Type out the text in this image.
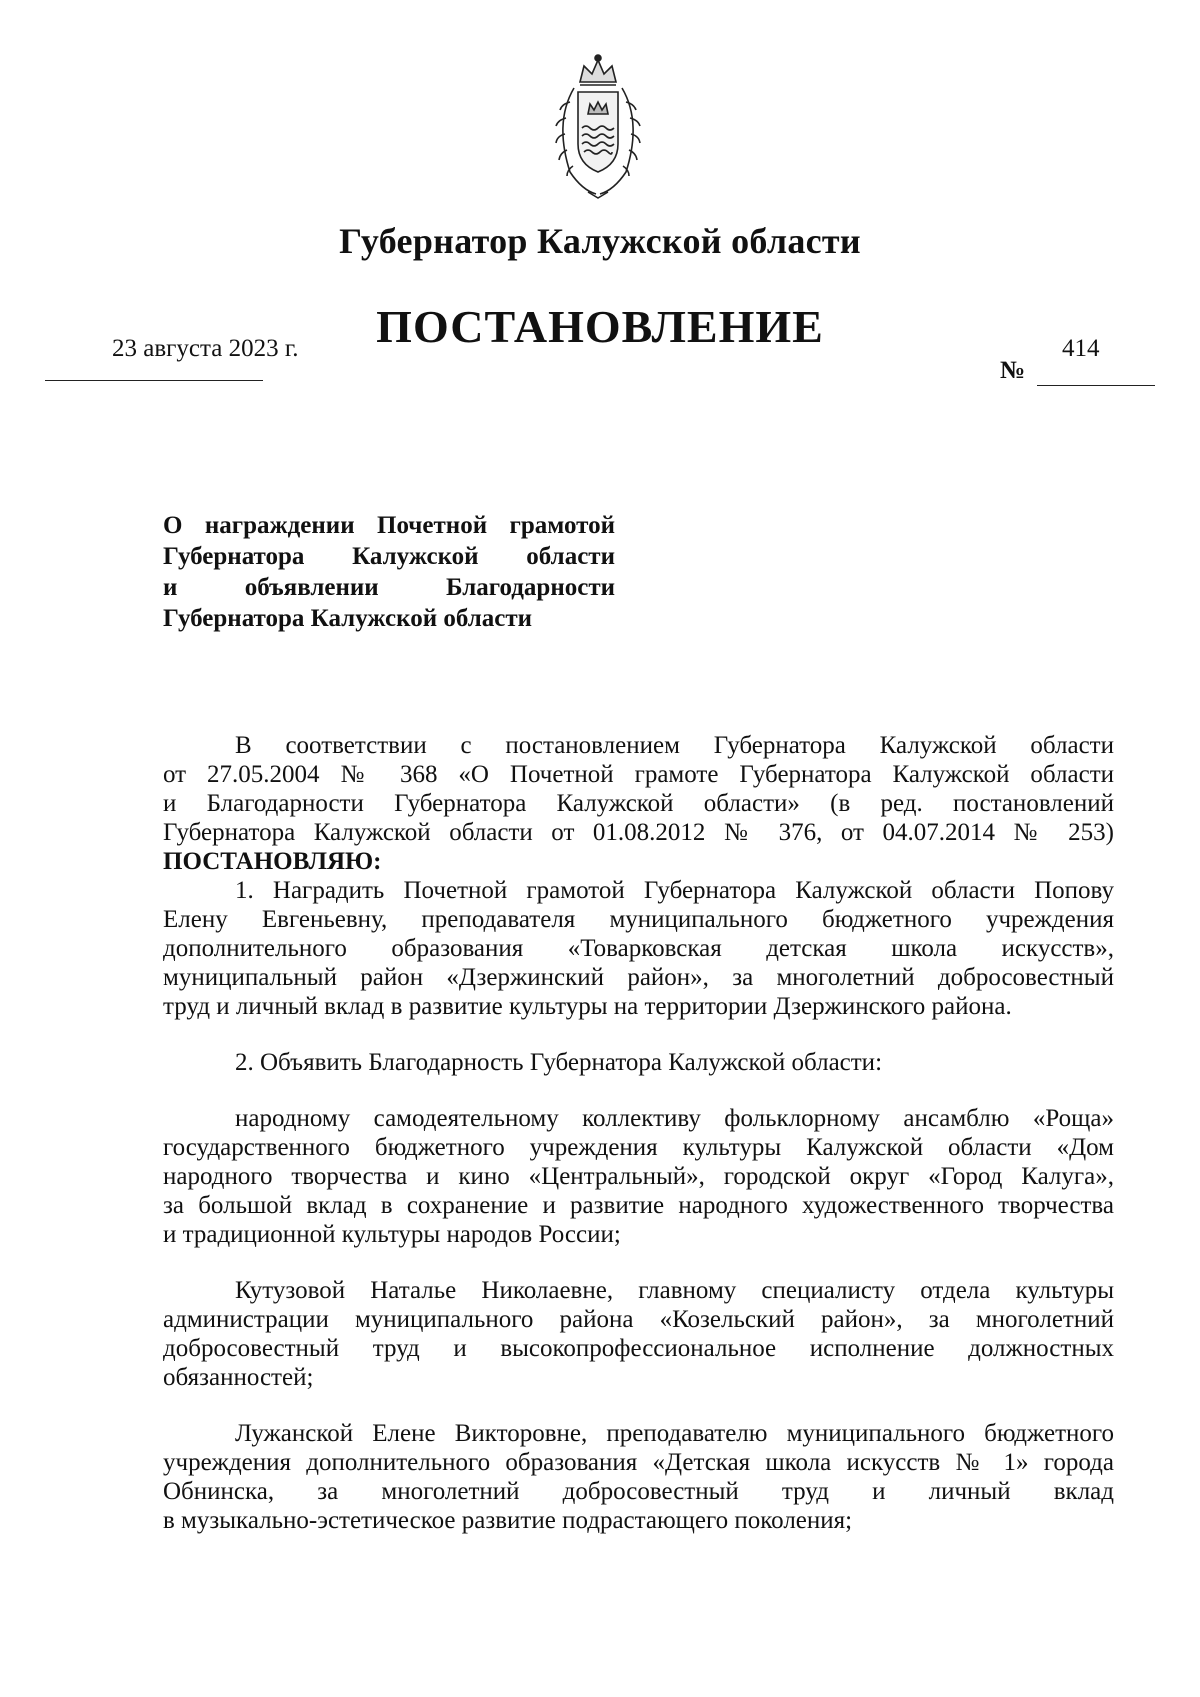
Губернатор Калужской области
ПОСТАНОВЛЕНИЕ
23 августа 2023 г.
№
414
О награждении Почетной грамотой
Губернатора Калужской области
и объявлении Благодарности
Губернатора Калужской области
В соответствии с постановлением Губернатора Калужской области
от 27.05.2004 № 368 «О Почетной грамоте Губернатора Калужской области
и Благодарности Губернатора Калужской области» (в ред. постановлений
Губернатора Калужской области от 01.08.2012 № 376, от 04.07.2014 № 253)
ПОСТАНОВЛЯЮ:
1. Наградить Почетной грамотой Губернатора Калужской области Попову
Елену Евгеньевну, преподавателя муниципального бюджетного учреждения
дополнительного образования «Товарковская детская школа искусств»,
муниципальный район «Дзержинский район», за многолетний добросовестный
труд и личный вклад в развитие культуры на территории Дзержинского района.
2. Объявить Благодарность Губернатора Калужской области:
народному самодеятельному коллективу фольклорному ансамблю «Роща»
государственного бюджетного учреждения культуры Калужской области «Дом
народного творчества и кино «Центральный», городской округ «Город Калуга»,
за большой вклад в сохранение и развитие народного художественного творчества
и традиционной культуры народов России;
Кутузовой Наталье Николаевне, главному специалисту отдела культуры
администрации муниципального района «Козельский район», за многолетний
добросовестный труд и высокопрофессиональное исполнение должностных
обязанностей;
Лужанской Елене Викторовне, преподавателю муниципального бюджетного
учреждения дополнительного образования «Детская школа искусств № 1» города
Обнинска, за многолетний добросовестный труд и личный вклад
в музыкально-эстетическое развитие подрастающего поколения;
